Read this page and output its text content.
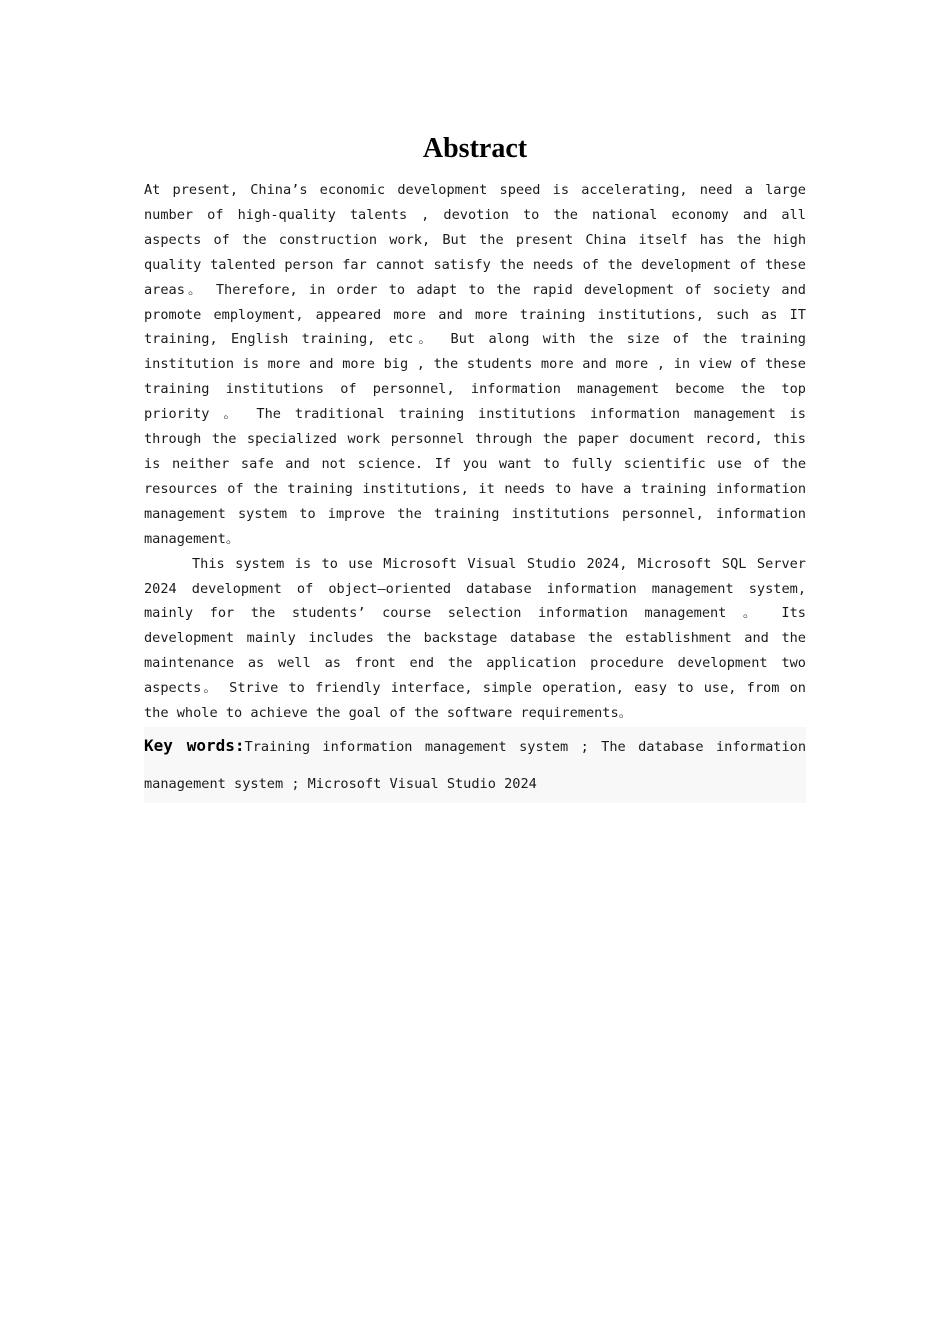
Abstract

At present, China’s economic development speed is accelerating, need a large number of high-quality talents , devotion to the national economy and all aspects of the construction work, But the present China itself has the high quality talented person far cannot satisfy the needs of the development of these areas。 Therefore, in order to adapt to the rapid development of society and promote employment, appeared more and more training institutions, such as IT training, English training, etc。 But along with the size of the training institution is more and more big , the students more and more , in view of these training institutions of personnel, information management become the top priority 。 The traditional training institutions information management is through the specialized work personnel through the paper document record, this is neither safe and not science. If you want to fully scientific use of the resources of the training institutions, it needs to have a training information management system to improve the training institutions personnel, information management。

This system is to use Microsoft Visual Studio 2024, Microsoft SQL Server 2024 development of object—oriented database information management system, mainly for the students’ course selection information management 。 Its development mainly includes the backstage database the establishment and the maintenance as well as front end the application procedure development two aspects。 Strive to friendly interface, simple operation, easy to use, from on the whole to achieve the goal of the software requirements。

Key words:Training information management system ; The database information management system ; Microsoft Visual Studio 2024
